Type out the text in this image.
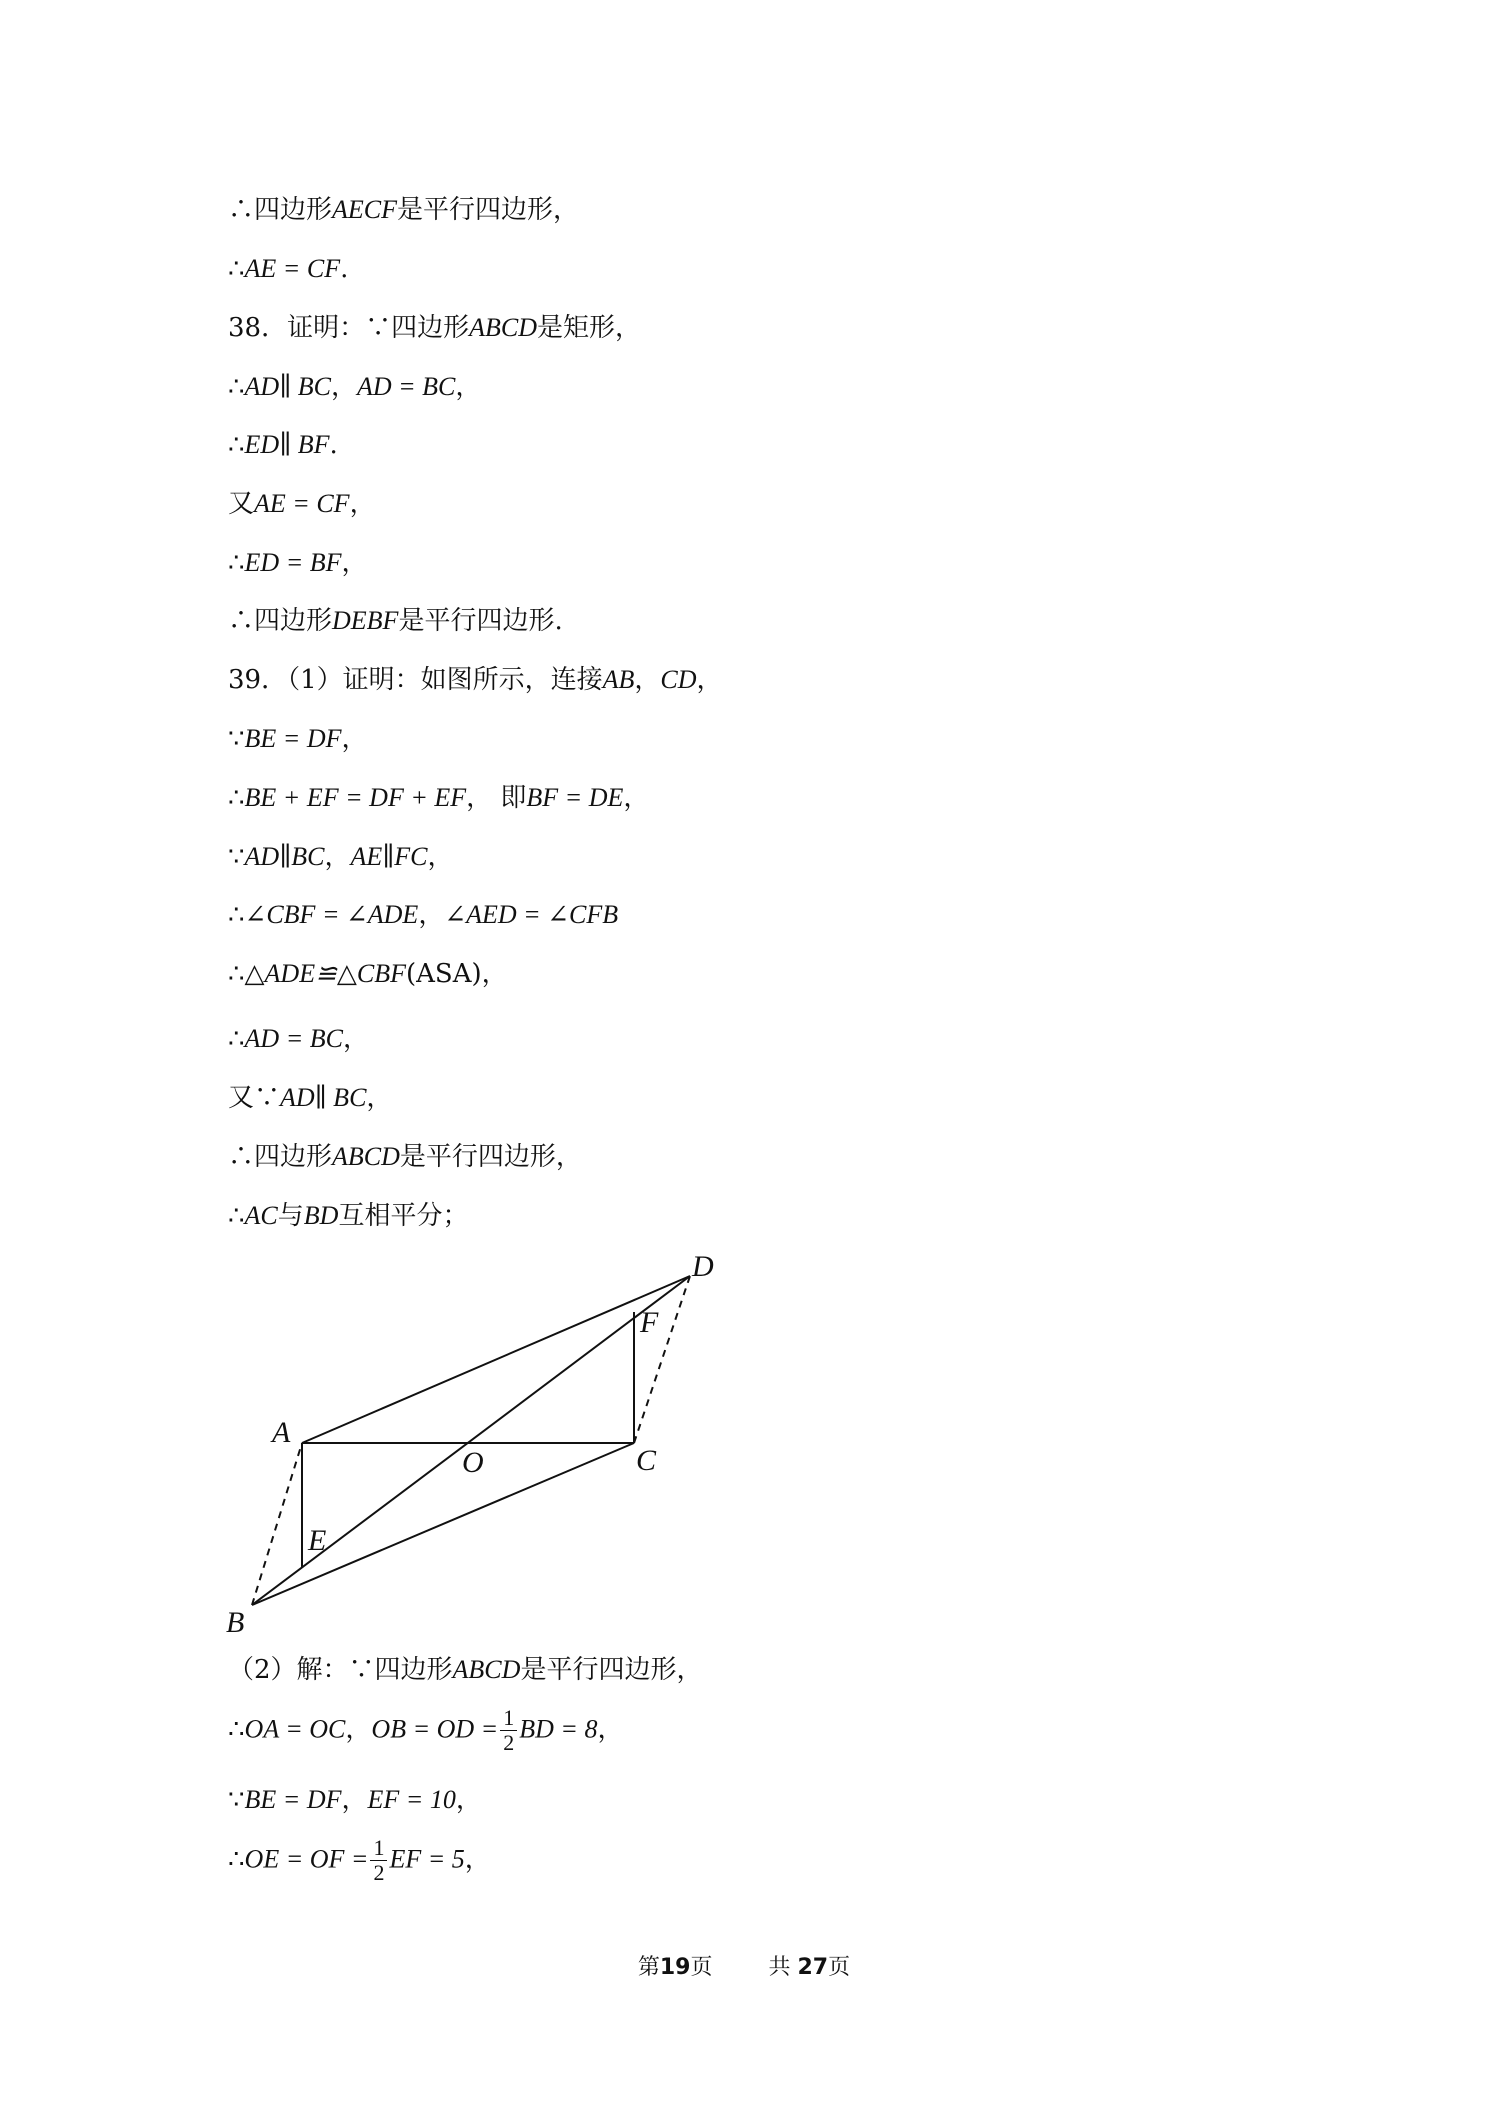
∴四边形AECF是平行四边形，
∴AE = CF.
38．证明：∵四边形ABCD是矩形，
∴AD∥ BC，AD = BC，
∴ED∥ BF.
又AE = CF，
∴ED = BF，
∴四边形DEBF是平行四边形.
39．（1）证明：如图所示，连接AB，CD，
∵BE = DF，
∴BE + EF = DF + EF， 即BF = DE，
∵AD∥BC，AE∥FC，
∴∠CBF = ∠ADE，∠AED = ∠CFB
∴△ADE≌△CBF(ASA)，
∴AD = BC，
又∵AD∥ BC，
∴四边形ABCD是平行四边形，
∴AC与BD互相平分；
（2）解：∵四边形ABCD是平行四边形，
∴OA = OC，OB = OD = $\frac{1}{2}$ BD = 8，
∵BE = DF，EF = 10，
∴OE = OF = $\frac{1}{2}$ EF = 5，
D
F
A
O	C
E
B
第19页	共 27页
